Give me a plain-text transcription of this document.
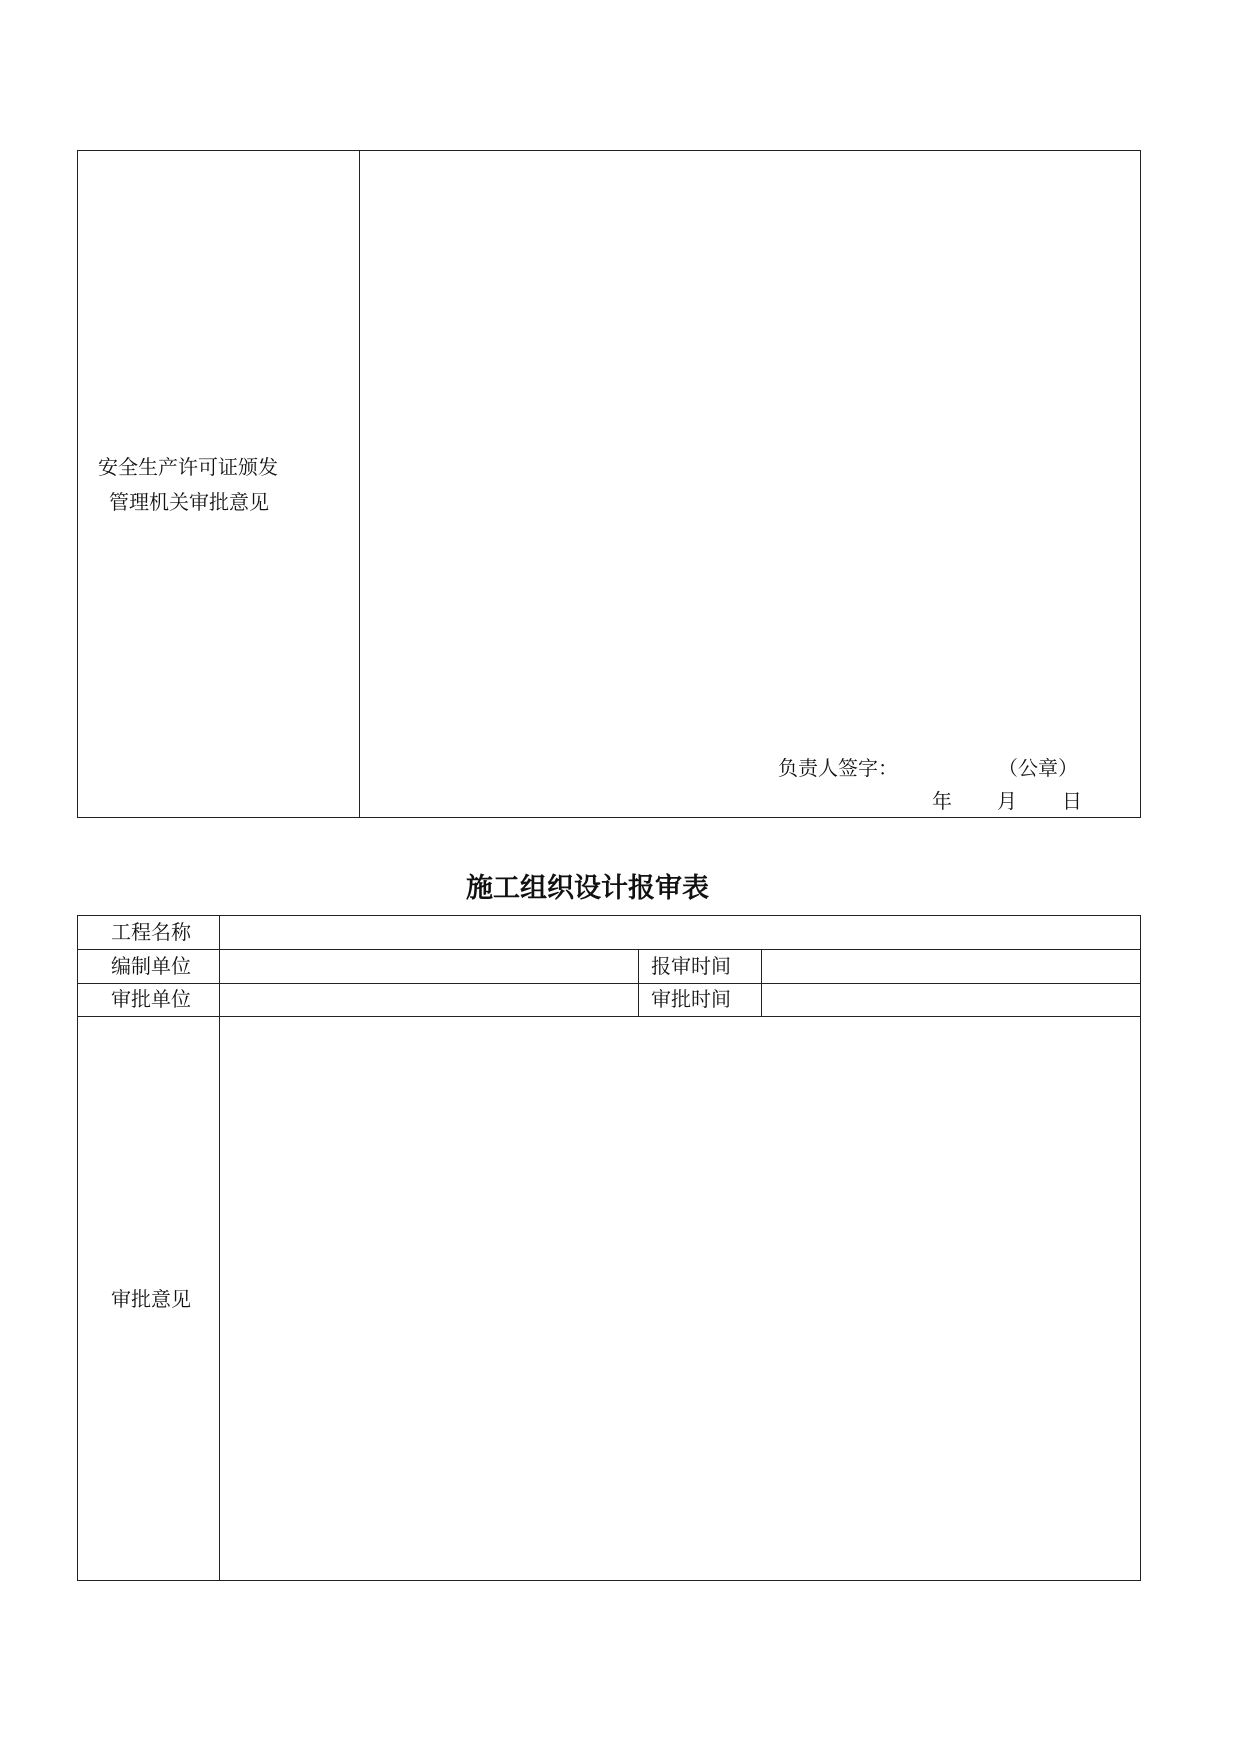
安全生产许可证颁发
管理机关审批意见
负责人签字：	（公章）
年 月 日
施工组织设计报审表
工程名称
编制单位	报审时间
审批单位	审批时间
审批意见
